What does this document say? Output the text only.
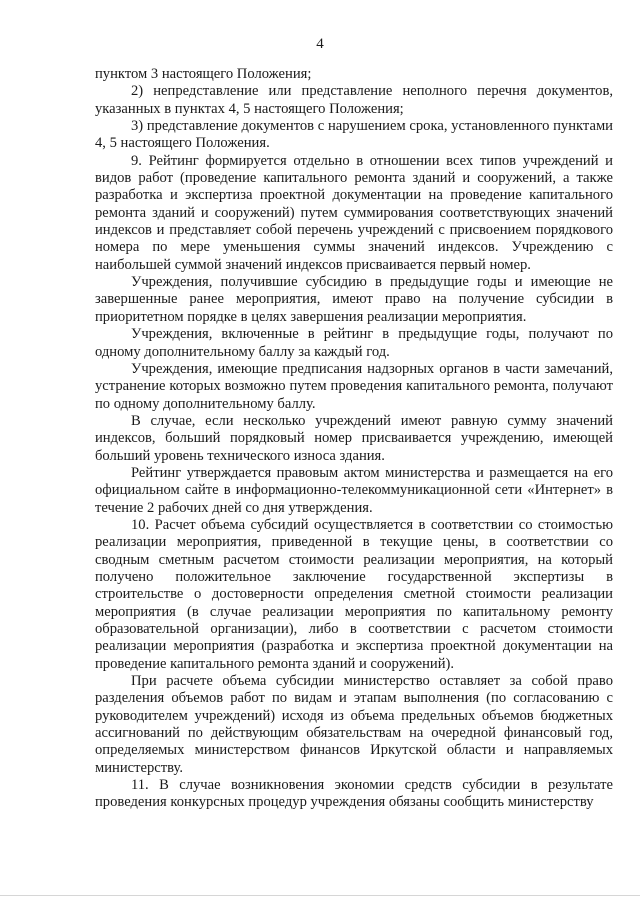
4

пунктом 3 настоящего Положения;

2) непредставление или представление неполного перечня документов, указанных в пунктах 4, 5 настоящего Положения;

3) представление документов с нарушением срока, установленного пунктами 4, 5 настоящего Положения.

9. Рейтинг формируется отдельно в отношении всех типов учреждений и видов работ (проведение капитального ремонта зданий и сооружений, а также разработка и экспертиза проектной документации на проведение капитального ремонта зданий и сооружений) путем суммирования соответствующих значений индексов и представляет собой перечень учреждений с присвоением порядкового номера по мере уменьшения суммы значений индексов. Учреждению с наибольшей суммой значений индексов присваивается первый номер.

Учреждения, получившие субсидию в предыдущие годы и имеющие не завершенные ранее мероприятия, имеют право на получение субсидии в приоритетном порядке в целях завершения реализации мероприятия.

Учреждения, включенные в рейтинг в предыдущие годы, получают по одному дополнительному баллу за каждый год.

Учреждения, имеющие предписания надзорных органов в части замечаний, устранение которых возможно путем проведения капитального ремонта, получают по одному дополнительному баллу.

В случае, если несколько учреждений имеют равную сумму значений индексов, больший порядковый номер присваивается учреждению, имеющей больший уровень технического износа здания.

Рейтинг утверждается правовым актом министерства и размещается на его официальном сайте в информационно-телекоммуникационной сети «Интернет» в течение 2 рабочих дней со дня утверждения.

10. Расчет объема субсидий осуществляется в соответствии со стоимостью реализации мероприятия, приведенной в текущие цены, в соответствии со сводным сметным расчетом стоимости реализации мероприятия, на который получено положительное заключение государственной экспертизы в строительстве о достоверности определения сметной стоимости реализации мероприятия (в случае реализации мероприятия по капитальному ремонту образовательной организации), либо в соответствии с расчетом стоимости реализации мероприятия (разработка и экспертиза проектной документации на проведение капитального ремонта зданий и сооружений).

При расчете объема субсидии министерство оставляет за собой право разделения объемов работ по видам и этапам выполнения (по согласованию с руководителем учреждений) исходя из объема предельных объемов бюджетных ассигнований по действующим обязательствам на очередной финансовый год, определяемых министерством финансов Иркутской области и направляемых министерству.

11. В случае возникновения экономии средств субсидии в результате проведения конкурсных процедур учреждения обязаны сообщить министерству
